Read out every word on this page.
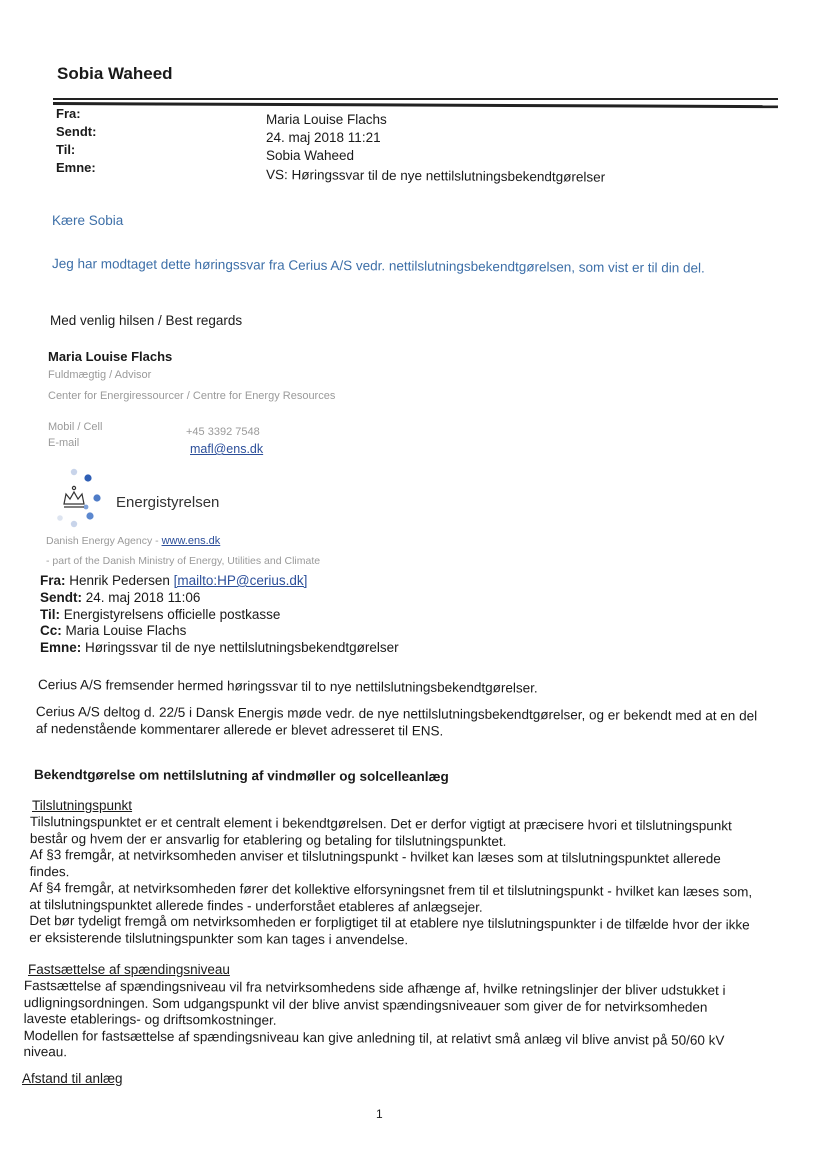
Sobia Waheed
Fra:
Sendt:
Til:
Emne:
Maria Louise Flachs
24. maj 2018 11:21
Sobia Waheed
VS: Høringssvar til de nye nettilslutningsbekendtgørelser
Kære Sobia
Jeg har modtaget dette høringssvar fra Cerius A/S vedr. nettilslutningsbekendtgørelsen, som vist er til din del.
Med venlig hilsen / Best regards
Maria Louise Flachs
Fuldmægtig / Advisor
Center for Energiressourcer / Centre for Energy Resources
Mobil / Cell	+45 3392 7548
E-mail	mafl@ens.dk
Energistyrelsen
Danish Energy Agency - www.ens.dk
- part of the Danish Ministry of Energy, Utilities and Climate
Fra: Henrik Pedersen [mailto:HP@cerius.dk]
Sendt: 24. maj 2018 11:06
Til: Energistyrelsens officielle postkasse
Cc: Maria Louise Flachs
Emne: Høringssvar til de nye nettilslutningsbekendtgørelser
Cerius A/S fremsender hermed høringssvar til to nye nettilslutningsbekendtgørelser.
Cerius A/S deltog d. 22/5 i Dansk Energis møde vedr. de nye nettilslutningsbekendtgørelser, og er bekendt med at en del af nedenstående kommentarer allerede er blevet adresseret til ENS.
Bekendtgørelse om nettilslutning af vindmøller og solcelleanlæg
Tilslutningspunkt
Tilslutningspunktet er et centralt element i bekendtgørelsen. Det er derfor vigtigt at præcisere hvori et tilslutningspunkt består og hvem der er ansvarlig for etablering og betaling for tilslutningspunktet.
Af §3 fremgår, at netvirksomheden anviser et tilslutningspunkt - hvilket kan læses som at tilslutningspunktet allerede findes.
Af §4 fremgår, at netvirksomheden fører det kollektive elforsyningsnet frem til et tilslutningspunkt - hvilket kan læses som, at tilslutningspunktet allerede findes - underforstået etableres af anlægsejer.
Det bør tydeligt fremgå om netvirksomheden er forpligtiget til at etablere nye tilslutningspunkter i de tilfælde hvor der ikke er eksisterende tilslutningspunkter som kan tages i anvendelse.
Fastsættelse af spændingsniveau
Fastsættelse af spændingsniveau vil fra netvirksomhedens side afhænge af, hvilke retningslinjer der bliver udstukket i udligningsordningen. Som udgangspunkt vil der blive anvist spændingsniveauer som giver de for netvirksomheden laveste etablerings- og driftsomkostninger.
Modellen for fastsættelse af spændingsniveau kan give anledning til, at relativt små anlæg vil blive anvist på 50/60 kV niveau.
Afstand til anlæg
1
